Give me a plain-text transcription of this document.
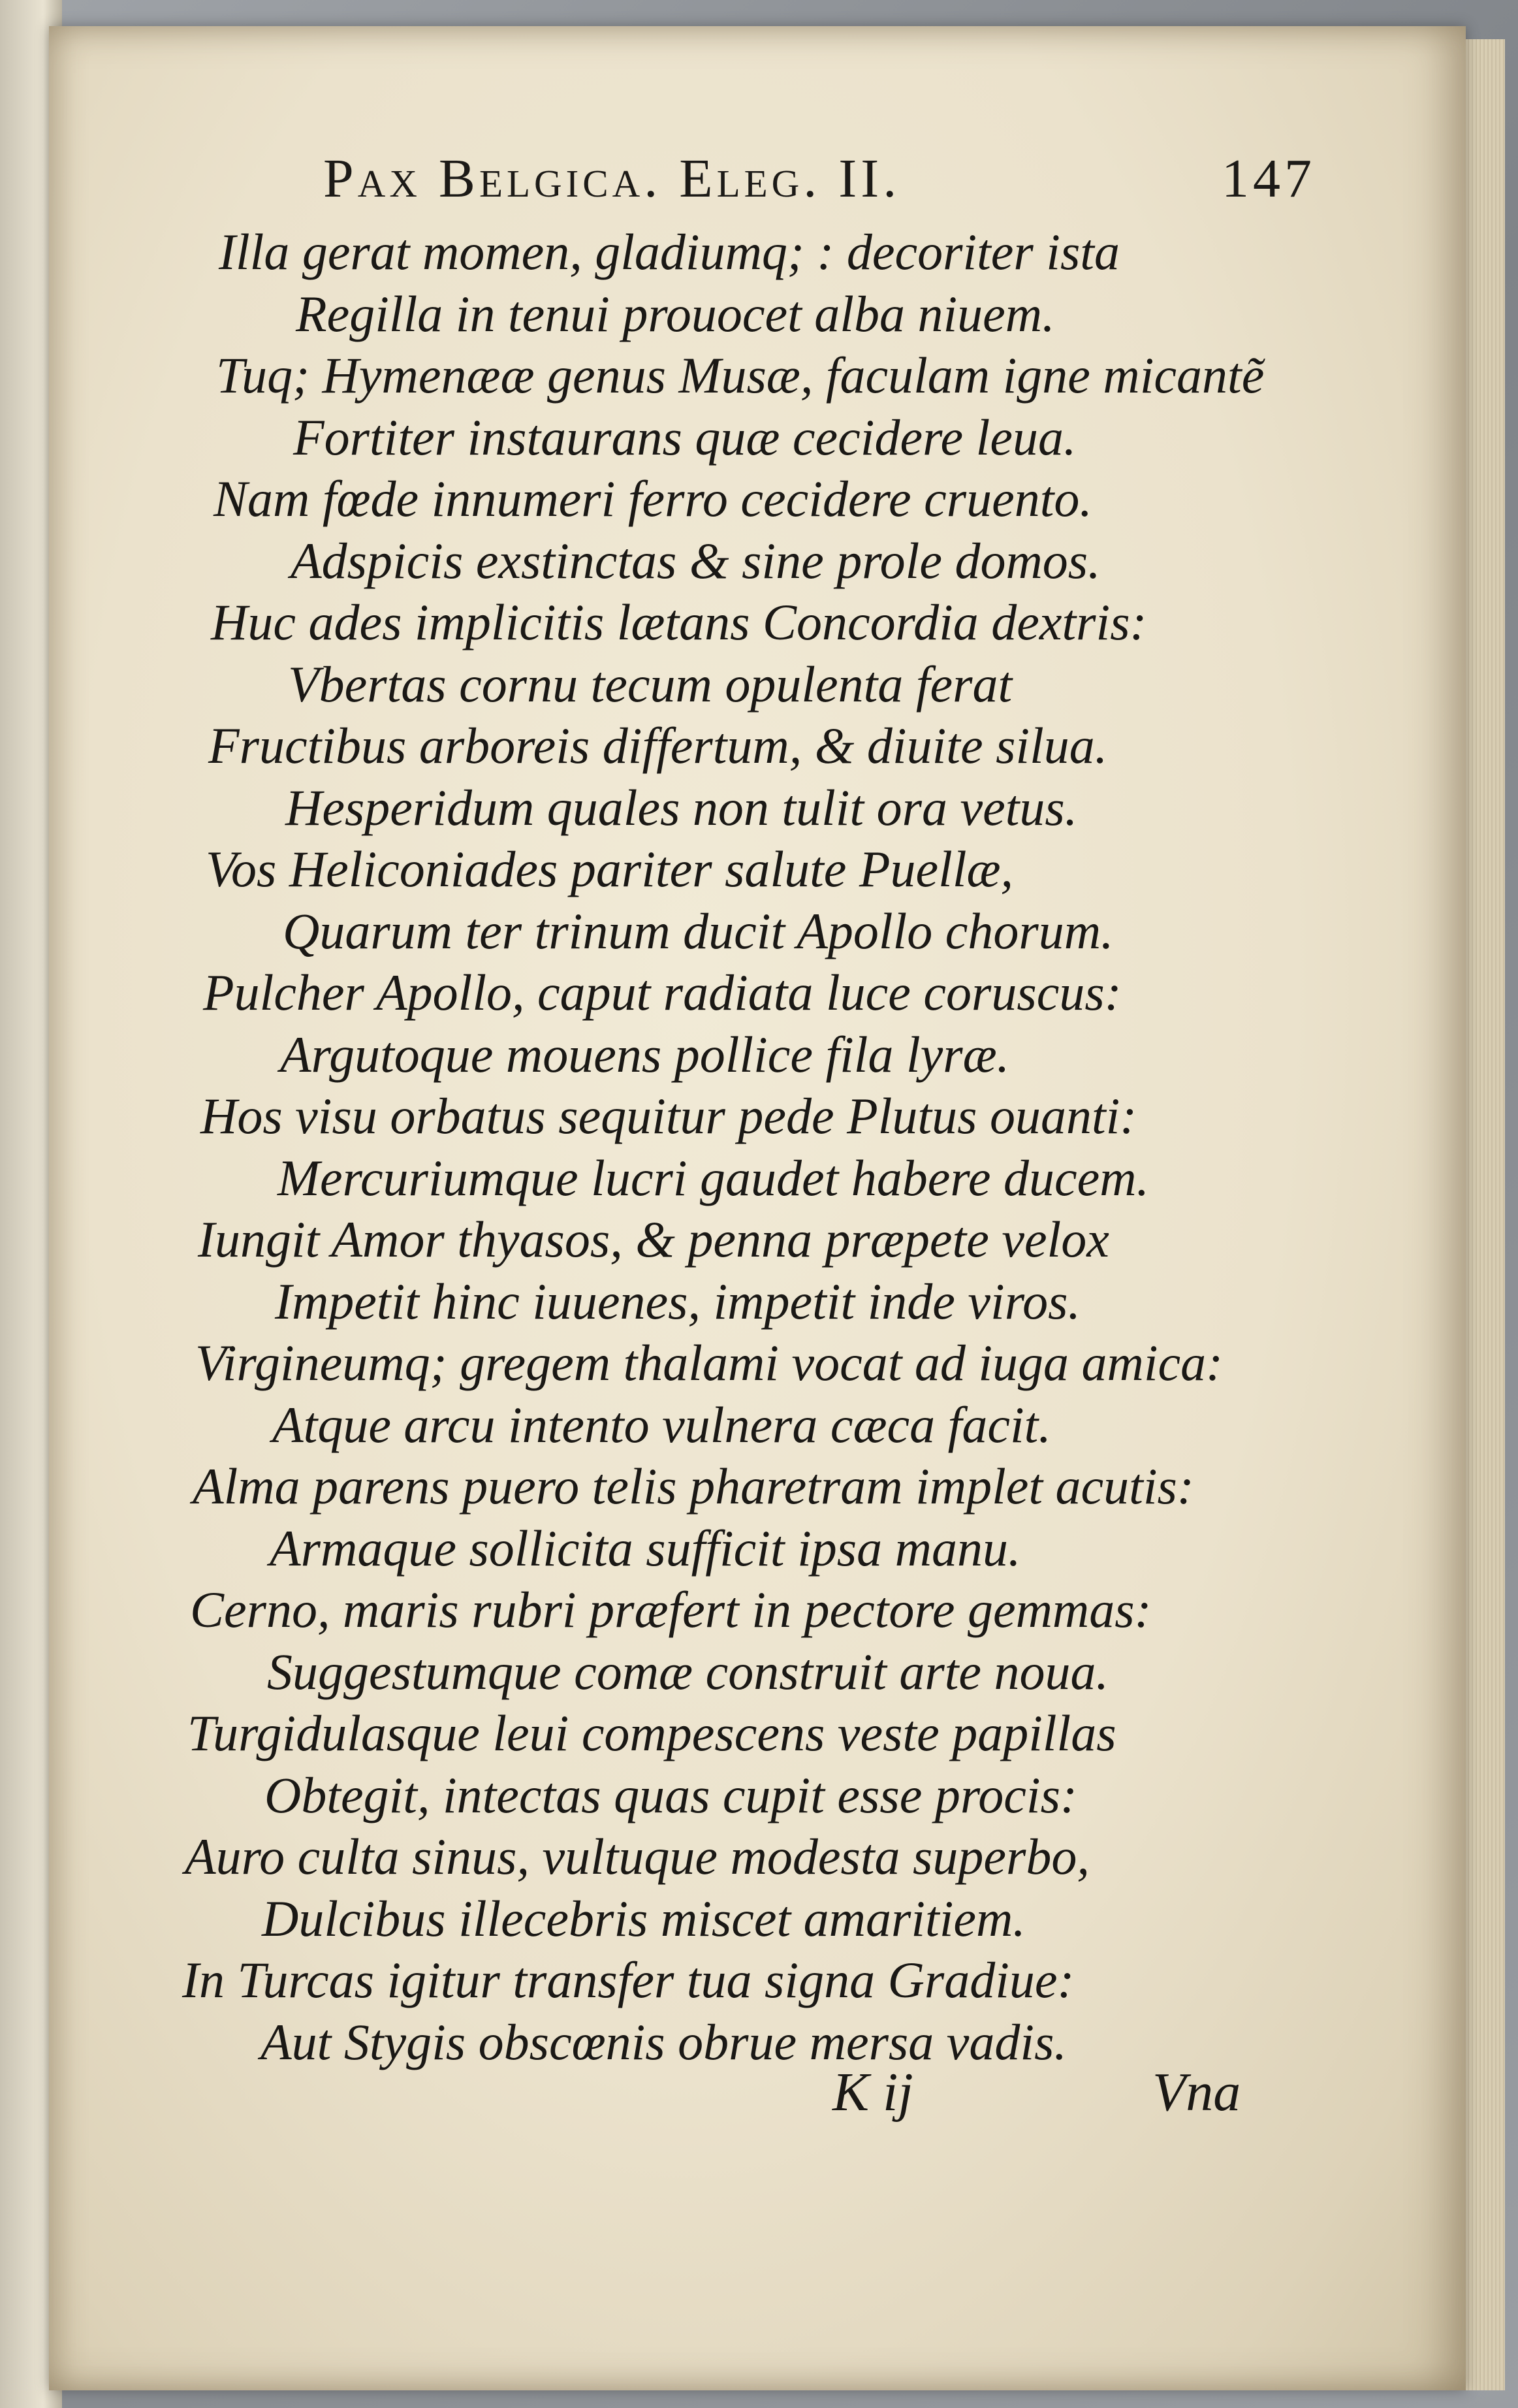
Pax Belgica. Eleg. II.	147
Illa gerat momen, gladiumq; : decoriter ista
Regilla in tenui prouocet alba niuem.
Tuq; Hymenææ genus Musæ, faculam igne micantẽ
Fortiter instaurans quæ cecidere leua.
Nam fœde innumeri ferro cecidere cruento.
Adspicis exstinctas & sine prole domos.
Huc ades implicitis lætans Concordia dextris:
Vbertas cornu tecum opulenta ferat
Fructibus arboreis differtum, & diuite silua.
Hesperidum quales non tulit ora vetus.
Vos Heliconiades pariter salute Puellæ,
Quarum ter trinum ducit Apollo chorum.
Pulcher Apollo, caput radiata luce coruscus:
Argutoque mouens pollice fila lyræ.
Hos visu orbatus sequitur pede Plutus ouanti:
Mercuriumque lucri gaudet habere ducem.
Iungit Amor thyasos, & penna præpete velox
Impetit hinc iuuenes, impetit inde viros.
Virgineumq; gregem thalami vocat ad iuga amica:
Atque arcu intento vulnera cæca facit.
Alma parens puero telis pharetram implet acutis:
Armaque sollicita sufficit ipsa manu.
Cerno, maris rubri præfert in pectore gemmas:
Suggestumque comæ construit arte noua.
Turgidulasque leui compescens veste papillas
Obtegit, intectas quas cupit esse procis:
Auro culta sinus, vultuque modesta superbo,
Dulcibus illecebris miscet amaritiem.
In Turcas igitur transfer tua signa Gradiue:
Aut Stygis obscœnis obrue mersa vadis.
K ij	Vna
